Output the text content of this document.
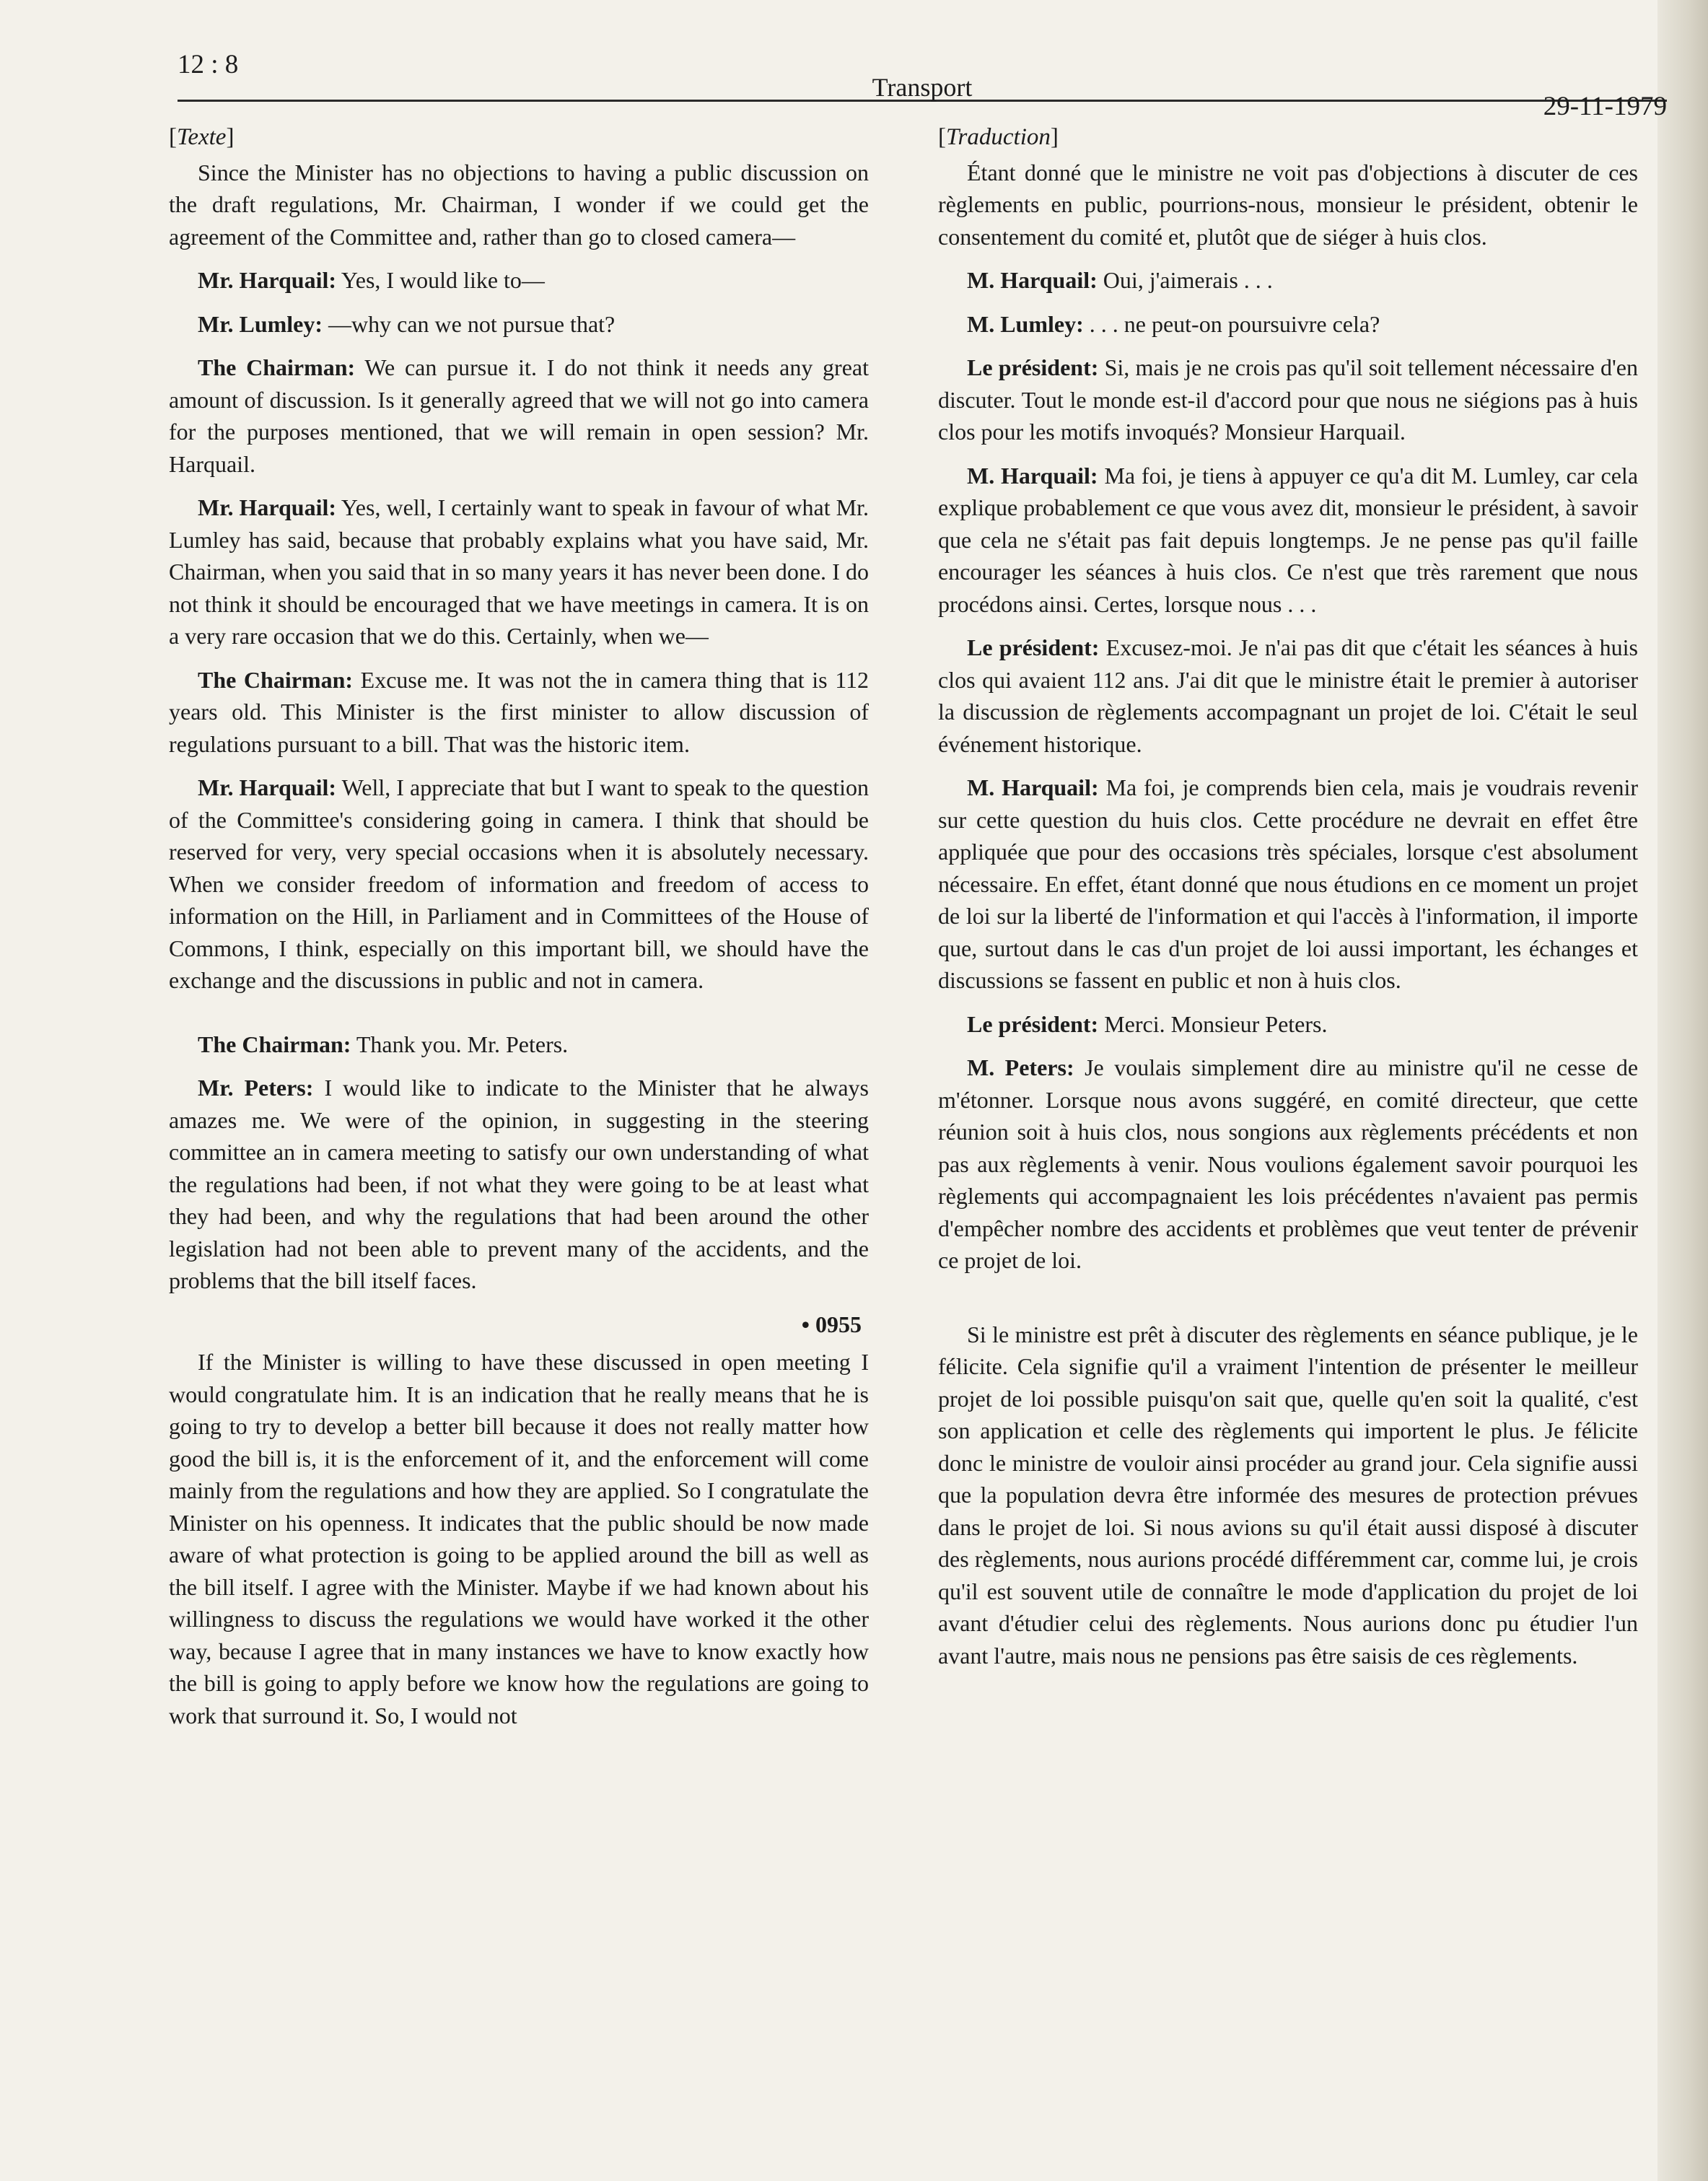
12 : 8
Transport
29-11-1979
[Texte]

Since the Minister has no objections to having a public discussion on the draft regulations, Mr. Chairman, I wonder if we could get the agreement of the Committee and, rather than go to closed camera—

Mr. Harquail: Yes, I would like to—

Mr. Lumley: —why can we not pursue that?

The Chairman: We can pursue it. I do not think it needs any great amount of discussion. Is it generally agreed that we will not go into camera for the purposes mentioned, that we will remain in open session? Mr. Harquail.

Mr. Harquail: Yes, well, I certainly want to speak in favour of what Mr. Lumley has said, because that probably explains what you have said, Mr. Chairman, when you said that in so many years it has never been done. I do not think it should be encouraged that we have meetings in camera. It is on a very rare occasion that we do this. Certainly, when we—

The Chairman: Excuse me. It was not the in camera thing that is 112 years old. This Minister is the first minister to allow discussion of regulations pursuant to a bill. That was the historic item.

Mr. Harquail: Well, I appreciate that but I want to speak to the question of the Committee's considering going in camera. I think that should be reserved for very, very special occasions when it is absolutely necessary. When we consider freedom of information and freedom of access to information on the Hill, in Parliament and in Committees of the House of Commons, I think, especially on this important bill, we should have the exchange and the discussions in public and not in camera.

The Chairman: Thank you. Mr. Peters.

Mr. Peters: I would like to indicate to the Minister that he always amazes me. We were of the opinion, in suggesting in the steering committee an in camera meeting to satisfy our own understanding of what the regulations had been, if not what they were going to be at least what they had been, and why the regulations that had been around the other legislation had not been able to prevent many of the accidents, and the problems that the bill itself faces.

• 0955

If the Minister is willing to have these discussed in open meeting I would congratulate him. It is an indication that he really means that he is going to try to develop a better bill because it does not really matter how good the bill is, it is the enforcement of it, and the enforcement will come mainly from the regulations and how they are applied. So I congratulate the Minister on his openness. It indicates that the public should be now made aware of what protection is going to be applied around the bill as well as the bill itself. I agree with the Minister. Maybe if we had known about his willingness to discuss the regulations we would have worked it the other way, because I agree that in many instances we have to know exactly how the bill is going to apply before we know how the regulations are going to work that surround it. So, I would not

[Traduction]

Étant donné que le ministre ne voit pas d'objections à discuter de ces règlements en public, pourrions-nous, monsieur le président, obtenir le consentement du comité et, plutôt que de siéger à huis clos.

M. Harquail: Oui, j'aimerais . . .

M. Lumley: . . . ne peut-on poursuivre cela?

Le président: Si, mais je ne crois pas qu'il soit tellement nécessaire d'en discuter. Tout le monde est-il d'accord pour que nous ne siégions pas à huis clos pour les motifs invoqués? Monsieur Harquail.

M. Harquail: Ma foi, je tiens à appuyer ce qu'a dit M. Lumley, car cela explique probablement ce que vous avez dit, monsieur le président, à savoir que cela ne s'était pas fait depuis longtemps. Je ne pense pas qu'il faille encourager les séances à huis clos. Ce n'est que très rarement que nous procédons ainsi. Certes, lorsque nous . . .

Le président: Excusez-moi. Je n'ai pas dit que c'était les séances à huis clos qui avaient 112 ans. J'ai dit que le ministre était le premier à autoriser la discussion de règlements accompagnant un projet de loi. C'était le seul événement historique.

M. Harquail: Ma foi, je comprends bien cela, mais je voudrais revenir sur cette question du huis clos. Cette procédure ne devrait en effet être appliquée que pour des occasions très spéciales, lorsque c'est absolument nécessaire. En effet, étant donné que nous étudions en ce moment un projet de loi sur la liberté de l'information et qui l'accès à l'information, il importe que, surtout dans le cas d'un projet de loi aussi important, les échanges et discussions se fassent en public et non à huis clos.

Le président: Merci. Monsieur Peters.

M. Peters: Je voulais simplement dire au ministre qu'il ne cesse de m'étonner. Lorsque nous avons suggéré, en comité directeur, que cette réunion soit à huis clos, nous songions aux règlements précédents et non pas aux règlements à venir. Nous voulions également savoir pourquoi les règlements qui accompagnaient les lois précédentes n'avaient pas permis d'empêcher nombre des accidents et problèmes que veut tenter de prévenir ce projet de loi.

Si le ministre est prêt à discuter des règlements en séance publique, je le félicite. Cela signifie qu'il a vraiment l'intention de présenter le meilleur projet de loi possible puisqu'on sait que, quelle qu'en soit la qualité, c'est son application et celle des règlements qui importent le plus. Je félicite donc le ministre de vouloir ainsi procéder au grand jour. Cela signifie aussi que la population devra être informée des mesures de protection prévues dans le projet de loi. Si nous avions su qu'il était aussi disposé à discuter des règlements, nous aurions procédé différemment car, comme lui, je crois qu'il est souvent utile de connaître le mode d'application du projet de loi avant d'étudier celui des règlements. Nous aurions donc pu étudier l'un avant l'autre, mais nous ne pensions pas être saisis de ces règlements.
